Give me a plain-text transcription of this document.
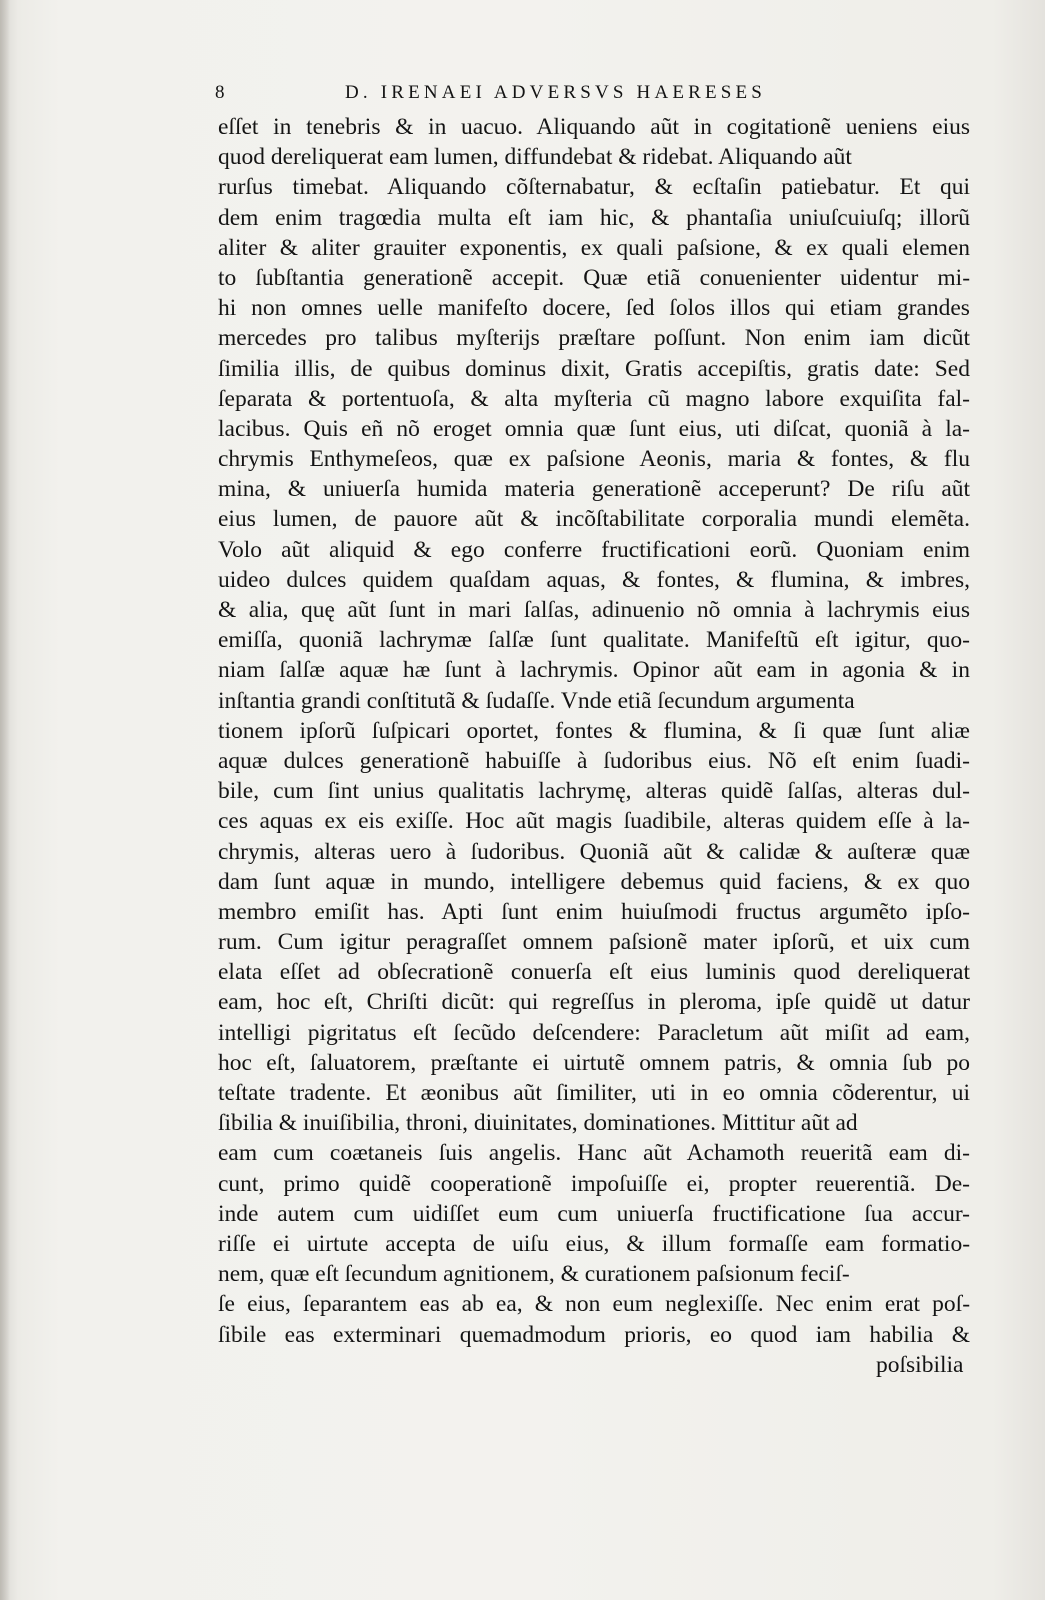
8	D. IRENAEI ADVERSVS HAERESES
eſſet in tenebris & in uacuo. Aliquando aũt in cogitationẽ ueniens eius
quod dereliquerat eam lumen, diffundebat & ridebat. Aliquando aũt
rurſus timebat. Aliquando cõſternabatur, & ecſtaſin patiebatur. Et qui
dem enim tragœdia multa eſt iam hic, & phantaſia uniuſcuiuſq; illorũ
aliter & aliter grauiter exponentis, ex quali paſsione, & ex quali elemen
to ſubſtantia generationẽ accepit. Quæ etiã conuenienter uidentur mi-
hi non omnes uelle manifeſto docere, ſed ſolos illos qui etiam grandes
mercedes pro talibus myſterijs præſtare poſſunt. Non enim iam dicũt
ſimilia illis, de quibus dominus dixit, Gratis accepiſtis, gratis date: Sed
ſeparata & portentuoſa, & alta myſteria cũ magno labore exquiſita fal-
lacibus. Quis eñ nõ eroget omnia quæ ſunt eius, uti diſcat, quoniã à la-
chrymis Enthymeſeos, quæ ex paſsione Aeonis, maria & fontes, & flu
mina, & uniuerſa humida materia generationẽ acceperunt? De riſu aũt
eius lumen, de pauore aũt & incõſtabilitate corporalia mundi elemẽta.
Volo aũt aliquid & ego conferre fructificationi eorũ. Quoniam enim
uideo dulces quidem quaſdam aquas, & fontes, & flumina, & imbres,
& alia, quę aũt ſunt in mari ſalſas, adinuenio nõ omnia à lachrymis eius
emiſſa, quoniã lachrymæ ſalſæ ſunt qualitate. Manifeſtũ eſt igitur, quo-
niam ſalſæ aquæ hæ ſunt à lachrymis. Opinor aũt eam in agonia & in
inſtantia grandi conſtitutã & ſudaſſe. Vnde etiã ſecundum argumenta
tionem ipſorũ ſuſpicari oportet, fontes & flumina, & ſi quæ ſunt aliæ
aquæ dulces generationẽ habuiſſe à ſudoribus eius. Nõ eſt enim ſuadi-
bile, cum ſint unius qualitatis lachrymę, alteras quidẽ ſalſas, alteras dul-
ces aquas ex eis exiſſe. Hoc aũt magis ſuadibile, alteras quidem eſſe à la-
chrymis, alteras uero à ſudoribus. Quoniã aũt & calidæ & auſteræ quæ
dam ſunt aquæ in mundo, intelligere debemus quid faciens, & ex quo
membro emiſit has. Apti ſunt enim huiuſmodi fructus argumẽto ipſo-
rum. Cum igitur peragraſſet omnem paſsionẽ mater ipſorũ, et uix cum
elata eſſet ad obſecrationẽ conuerſa eſt eius luminis quod dereliquerat
eam, hoc eſt, Chriſti dicũt: qui regreſſus in pleroma, ipſe quidẽ ut datur
intelligi pigritatus eſt ſecũdo deſcendere: Paracletum aũt miſit ad eam,
hoc eſt, ſaluatorem, præſtante ei uirtutẽ omnem patris, & omnia ſub po
teſtate tradente. Et æonibus aũt ſimiliter, uti in eo omnia cõderentur, ui
ſibilia & inuiſibilia, throni, diuinitates, dominationes. Mittitur aũt ad
eam cum coætaneis ſuis angelis. Hanc aũt Achamoth reueritã eam di-
cunt, primo quidẽ cooperationẽ impoſuiſſe ei, propter reuerentiã. De-
inde autem cum uidiſſet eum cum uniuerſa fructificatione ſua accur-
riſſe ei uirtute accepta de uiſu eius, & illum formaſſe eam formatio-
nem, quæ eſt ſecundum agnitionem, & curationem paſsionum feciſ-
ſe eius, ſeparantem eas ab ea, & non eum neglexiſſe. Nec enim erat poſ-
ſibile eas exterminari quemadmodum prioris, eo quod iam habilia &
poſsibilia
